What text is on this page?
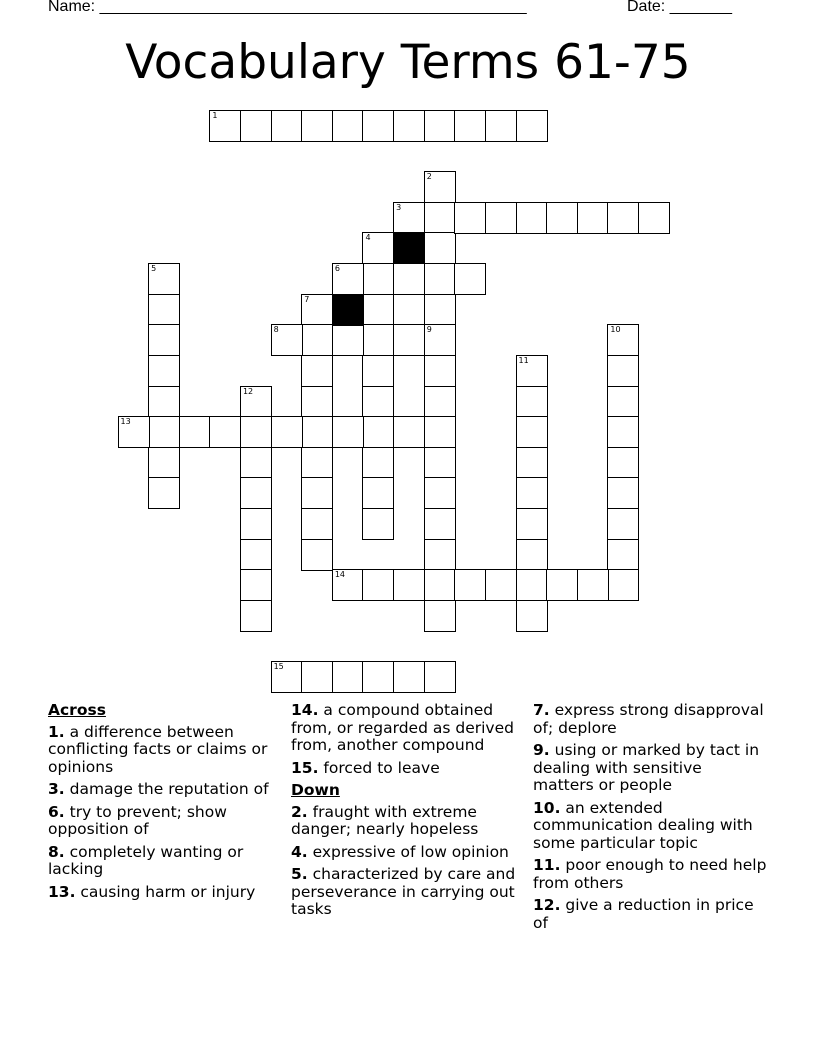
Name: ________________________________________________	Date: _______
Vocabulary Terms 61-75
1
2
9
3
4
5	6
7
8	10
11
12
13
14
15
Across
1. a difference between conflicting facts or claims or opinions
3. damage the reputation of
6. try to prevent; show opposition of
8. completely wanting or lacking
13. causing harm or injury
14. a compound obtained from, or regarded as derived from, another compound
15. forced to leave
Down
2. fraught with extreme danger; nearly hopeless
4. expressive of low opinion
5. characterized by care and perseverance in carrying out tasks
7. express strong disapproval of; deplore
9. using or marked by tact in dealing with sensitive matters or people
10. an extended communication dealing with some particular topic
11. poor enough to need help from others
12. give a reduction in price of
